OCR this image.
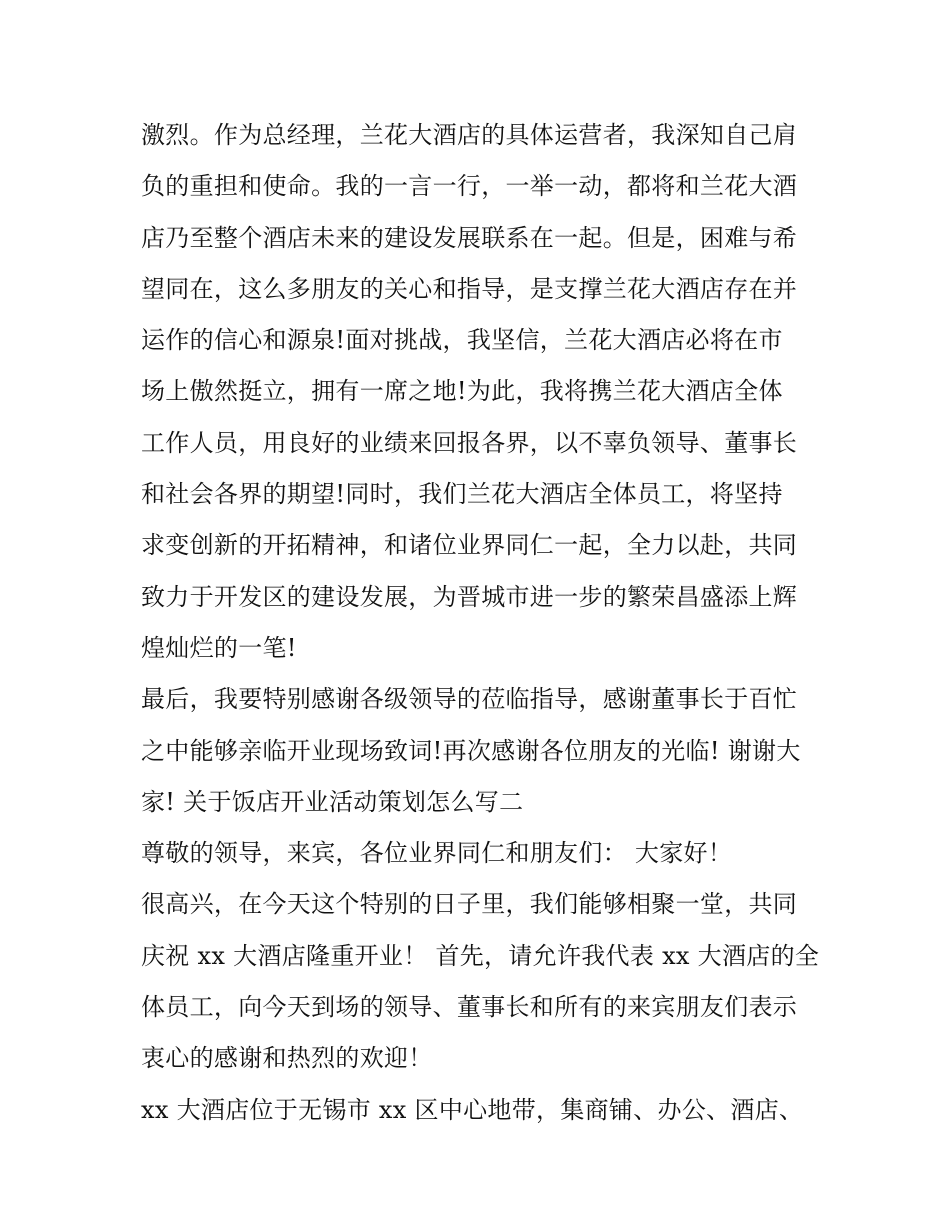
激烈。作为总经理，兰花大酒店的具体运营者，我深知自己肩
负的重担和使命。我的一言一行，一举一动，都将和兰花大酒
店乃至整个酒店未来的建设发展联系在一起。但是，困难与希
望同在，这么多朋友的关心和指导，是支撑兰花大酒店存在并
运作的信心和源泉!面对挑战，我坚信，兰花大酒店必将在市
场上傲然挺立，拥有一席之地!为此，我将携兰花大酒店全体
工作人员，用良好的业绩来回报各界，以不辜负领导、董事长
和社会各界的期望!同时，我们兰花大酒店全体员工，将坚持
求变创新的开拓精神，和诸位业界同仁一起，全力以赴，共同
致力于开发区的建设发展，为晋城市进一步的繁荣昌盛添上辉
煌灿烂的一笔!
最后，我要特别感谢各级领导的莅临指导，感谢董事长于百忙
之中能够亲临开业现场致词!再次感谢各位朋友的光临! 谢谢大
家! 关于饭店开业活动策划怎么写二
尊敬的领导，来宾，各位业界同仁和朋友们： 大家好！
很高兴，在今天这个特别的日子里，我们能够相聚一堂，共同
庆祝 xx 大酒店隆重开业！ 首先，请允许我代表 xx 大酒店的全
体员工，向今天到场的领导、董事长和所有的来宾朋友们表示
衷心的感谢和热烈的欢迎！
xx 大酒店位于无锡市 xx 区中心地带，集商铺、办公、酒店、
